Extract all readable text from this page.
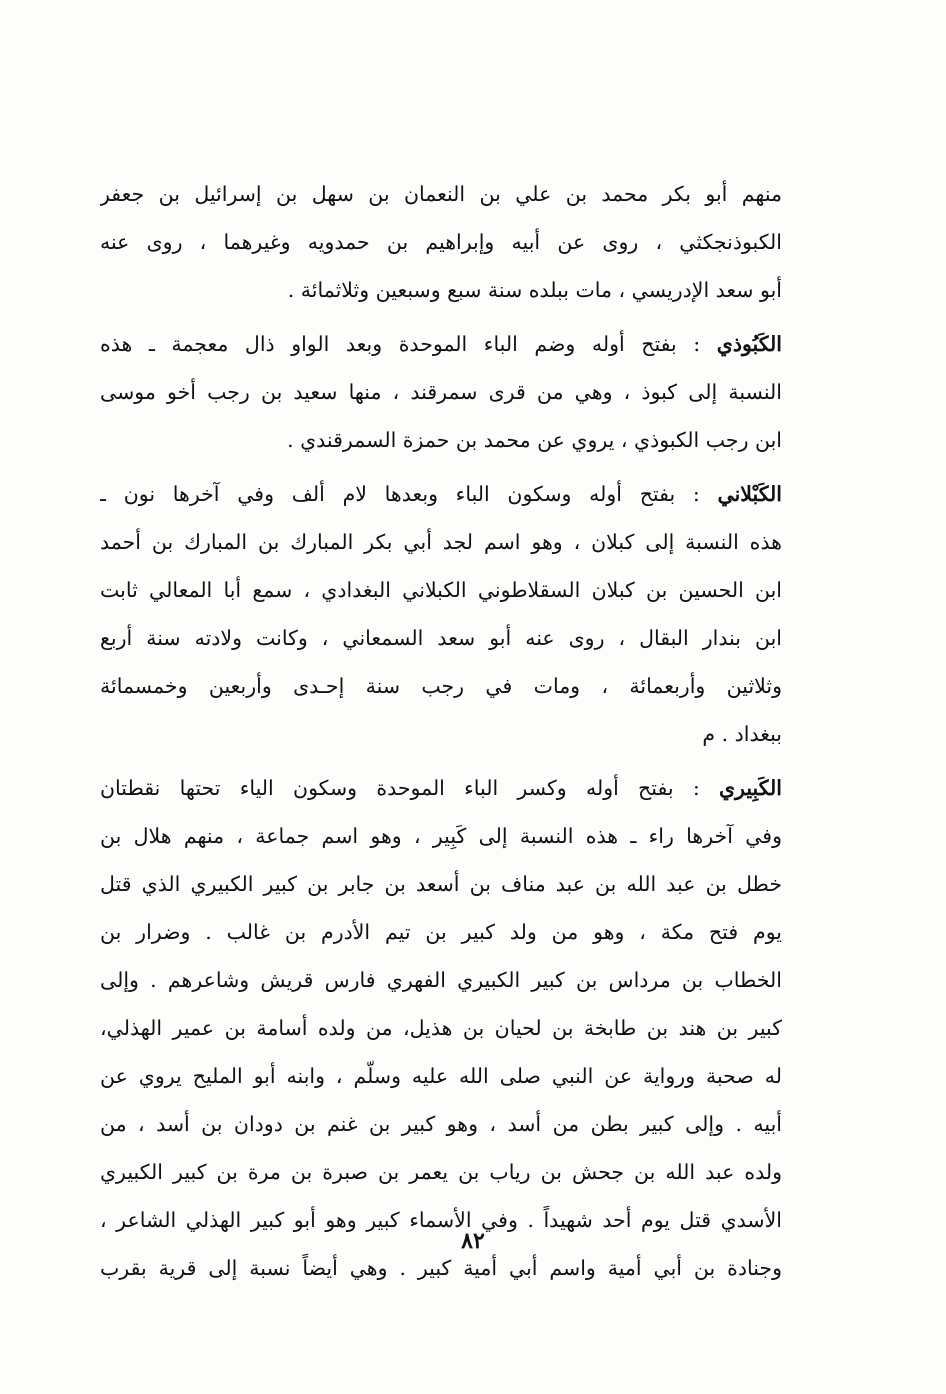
منهم أبو بكر محمد بن علي بن النعمان بن سهل بن إسرائيل بن جعفر
الكبوذنجكثي ، روى عن أبيه وإبراهيم بن حمدويه وغيرهما ، روى عنه
أبو سعد الإدريسي ، مات ببلده سنة سبع وسبعين وثلاثمائة .
الكَبُوذي : بفتح أوله وضم الباء الموحدة وبعد الواو ذال معجمة ـ هذه
النسبة إلى كبوذ ، وهي من قرى سمرقند ، منها سعيد بن رجب أخو موسى
ابن رجب الكبوذي ، يروي عن محمد بن حمزة السمرقندي .
الكَبْلاني : بفتح أوله وسكون الباء وبعدها لام ألف وفي آخرها نون ـ
هذه النسبة إلى كبلان ، وهو اسم لجد أبي بكر المبارك بن المبارك بن أحمد
ابن الحسين بن كبلان السقلاطوني الكبلاني البغدادي ، سمع أبا المعالي ثابت
ابن بندار البقال ، روى عنه أبو سعد السمعاني ، وكانت ولادته سنة أربع
وثلاثين وأربعمائة ، ومات في رجب سنة إحـدى وأربعين وخمسمائة
ببغداد . م
الكَبِيري : بفتح أوله وكسر الباء الموحدة وسكون الياء تحتها نقطتان
وفي آخرها راء ـ هذه النسبة إلى كَبِير ، وهو اسم جماعة ، منهم هلال بن
خطل بن عبد الله بن عبد مناف بن أسعد بن جابر بن كبير الكبيري الذي قتل
يوم فتح مكة ، وهو من ولد كبير بن تيم الأدرم بن غالب . وضرار بن
الخطاب بن مرداس بن كبير الكبيري الفهري فارس قريش وشاعرهم . وإلى
كبير بن هند بن طابخة بن لحيان بن هذيل، من ولده أسامة بن عمير الهذلي،
له صحبة ورواية عن النبي صلى الله عليه وسلّم ، وابنه أبو المليح يروي عن
أبيه . وإلى كبير بطن من أسد ، وهو كبير بن غنم بن دودان بن أسد ، من
ولده عبد الله بن جحش بن رياب بن يعمر بن صبرة بن مرة بن كبير الكبيري
الأسدي قتل يوم أحد شهيداً . وفي الأسماء كبير وهو أبو كبير الهذلي الشاعر ،
وجنادة بن أبي أمية واسم أبي أمية كبير . وهي أيضاً نسبة إلى قرية بقرب
٨٢
